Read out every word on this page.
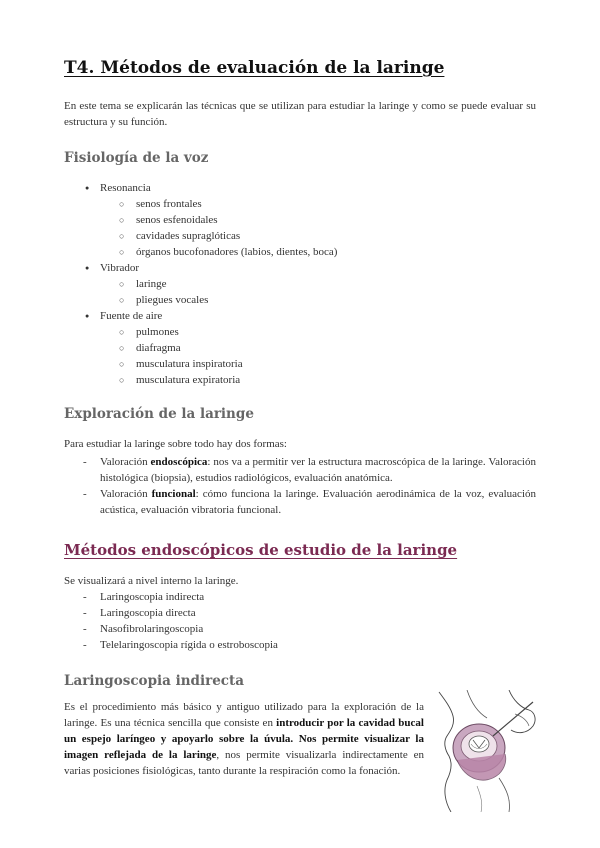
T4. Métodos de evaluación de la laringe
En este tema se explicarán las técnicas que se utilizan para estudiar la laringe y como se puede evaluar su estructura y su función.
Fisiología de la voz
● Resonancia
○ senos frontales
○ senos esfenoidales
○ cavidades supraglóticas
○ órganos bucofonadores (labios, dientes, boca)
● Vibrador
○ laringe
○ pliegues vocales
● Fuente de aire
○ pulmones
○ diafragma
○ musculatura inspiratoria
○ musculatura expiratoria
Exploración de la laringe
Para estudiar la laringe sobre todo hay dos formas:
- Valoración endoscópica: nos va a permitir ver la estructura macroscópica de la laringe. Valoración histológica (biopsia), estudios radiológicos, evaluación anatómica.
- Valoración funcional: cómo funciona la laringe. Evaluación aerodinámica de la voz, evaluación acústica, evaluación vibratoria funcional.
Métodos endoscópicos de estudio de la laringe
Se visualizará a nivel interno la laringe.
- Laringoscopia indirecta
- Laringoscopia directa
- Nasofibrolaringoscopia
- Telelaringoscopia rígida o estroboscopia
Laringoscopia indirecta
Es el procedimiento más básico y antiguo utilizado para la exploración de la laringe. Es una técnica sencilla que consiste en introducir por la cavidad bucal un espejo laríngeo y apoyarlo sobre la úvula. Nos permite visualizar la imagen reflejada de la laringe, nos permite visualizarla indirectamente en varias posiciones fisiológicas, tanto durante la respiración como la fonación.
